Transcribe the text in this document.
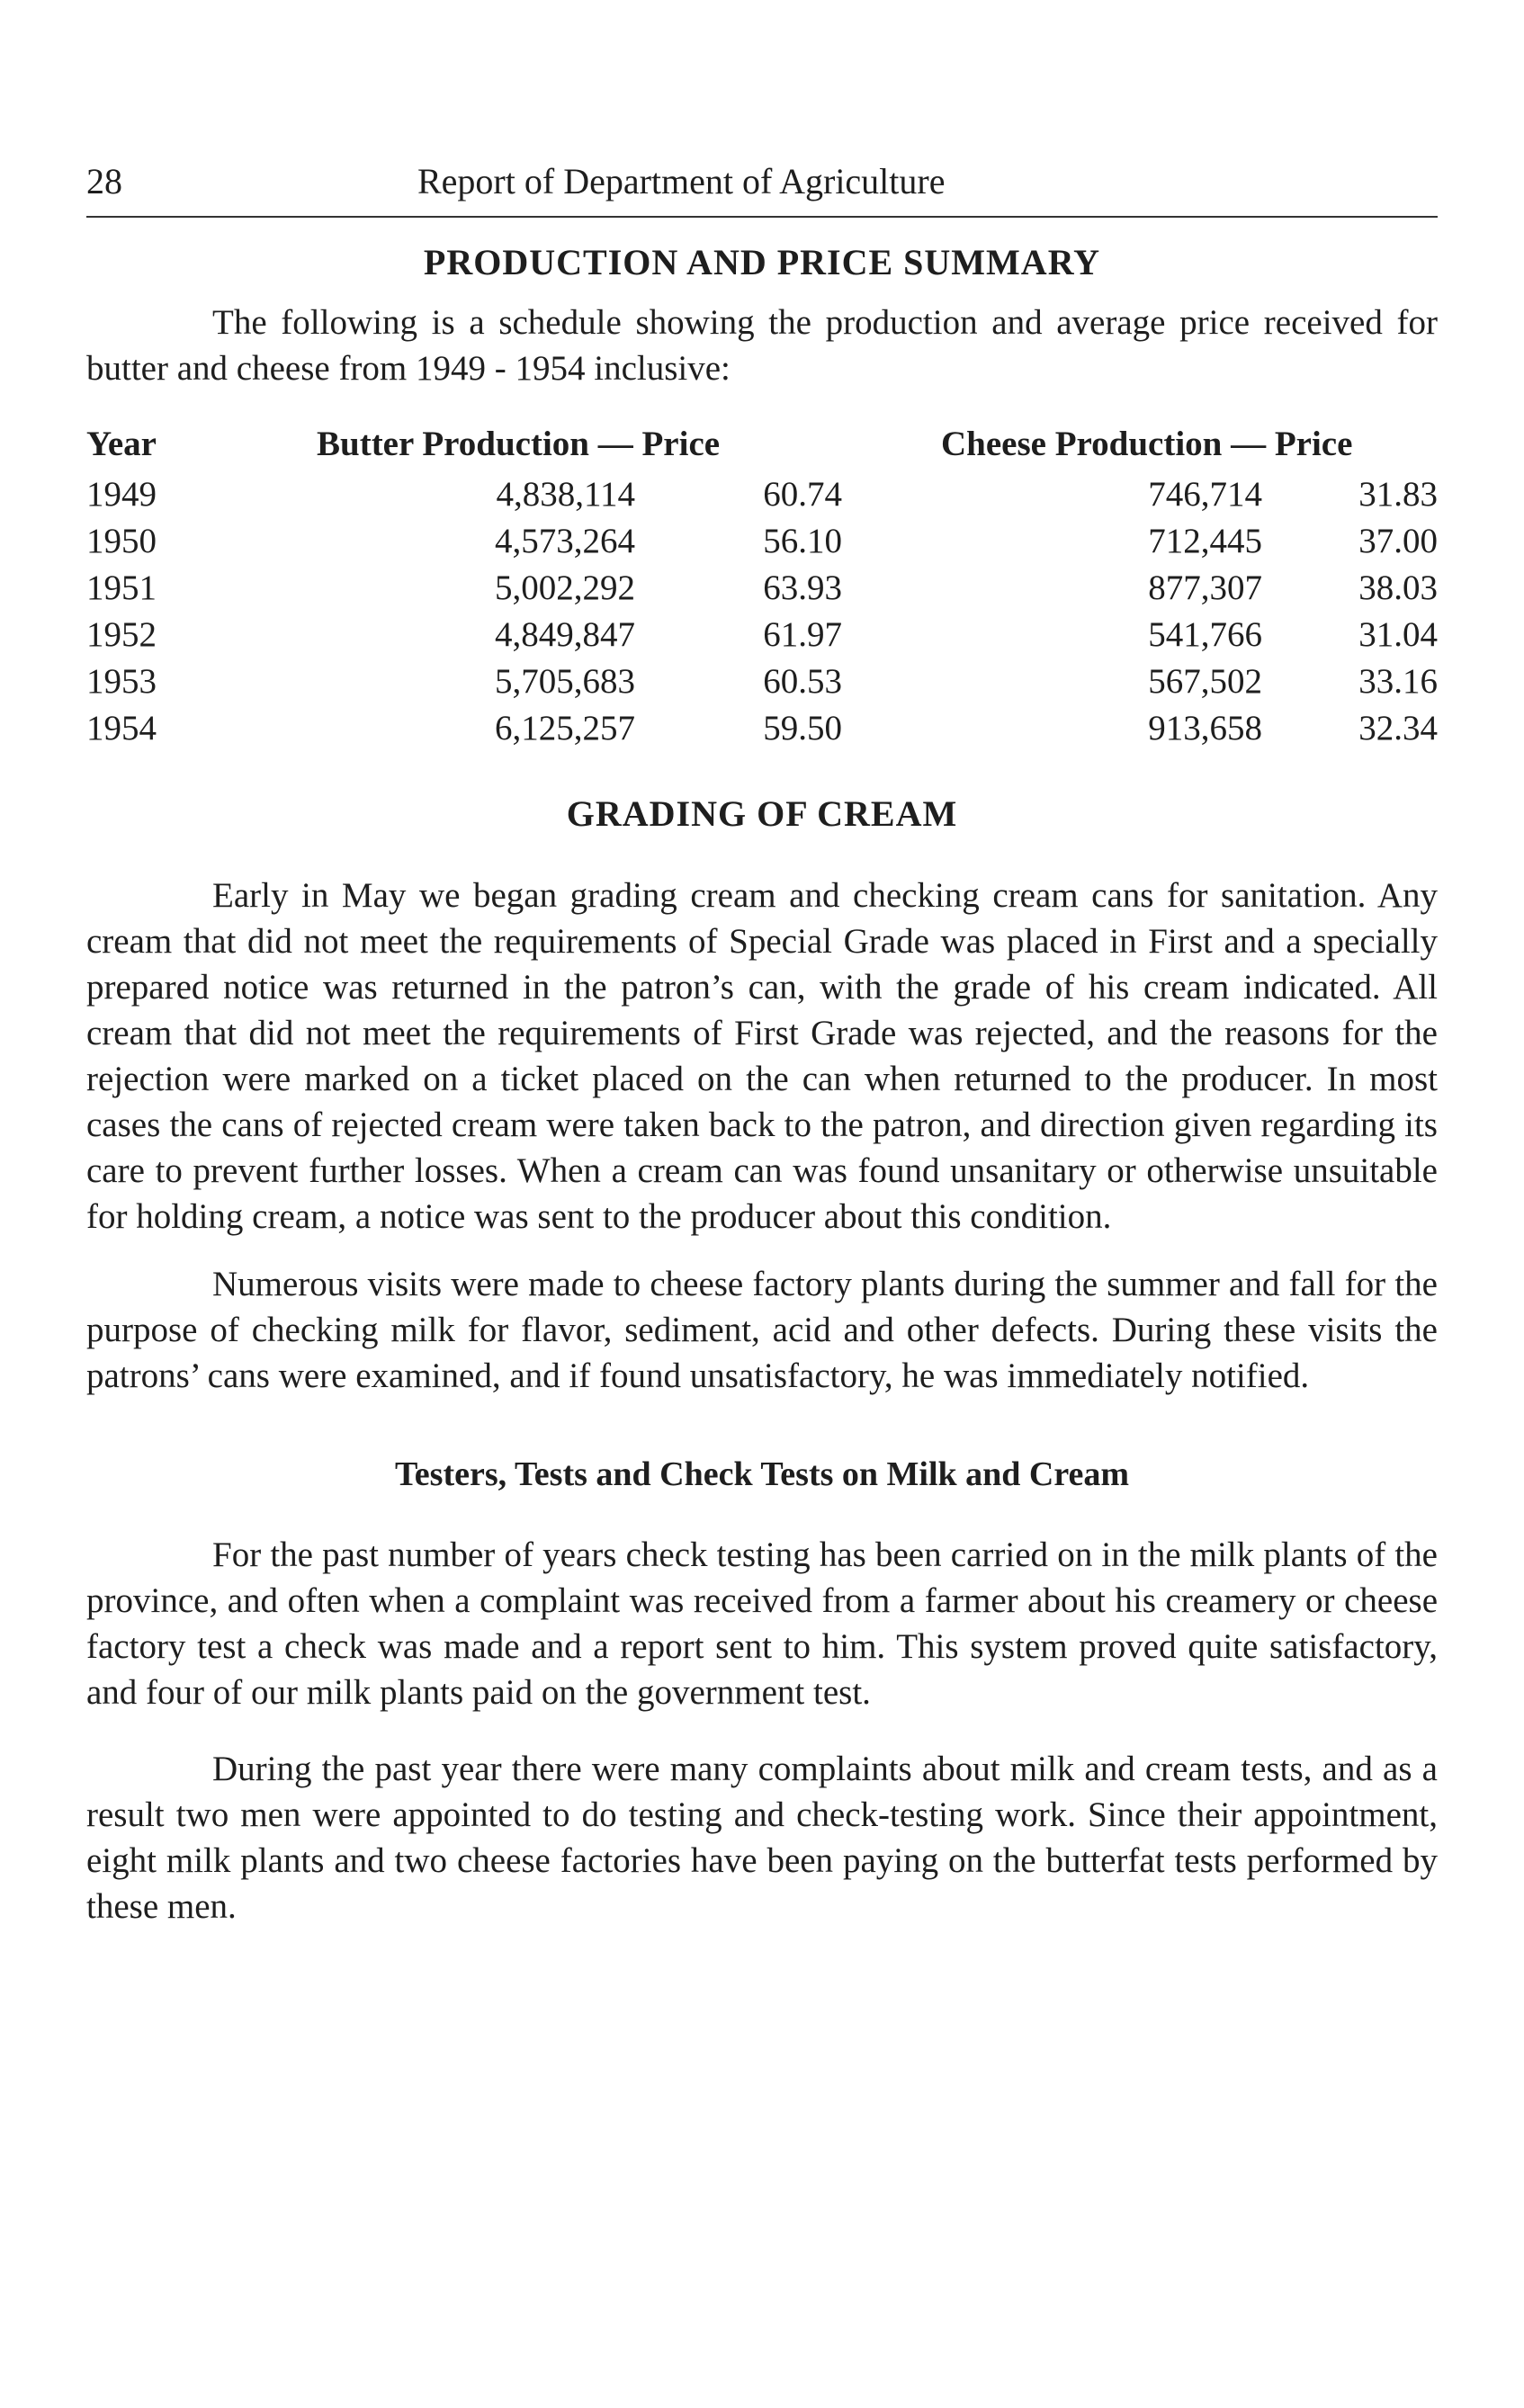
28	Report of Department of Agriculture
PRODUCTION AND PRICE SUMMARY

The following is a schedule showing the production and average price received for butter and cheese from 1949 - 1954 inclusive:

Year	Butter Production — Price	Cheese Production — Price
1949	4,838,114	60.74	746,714	31.83
1950	4,573,264	56.10	712,445	37.00
1951	5,002,292	63.93	877,307	38.03
1952	4,849,847	61.97	541,766	31.04
1953	5,705,683	60.53	567,502	33.16
1954	6,125,257	59.50	913,658	32.34
GRADING OF CREAM

Early in May we began grading cream and checking cream cans for sanitation. Any cream that did not meet the requirements of Special Grade was placed in First and a specially prepared notice was returned in the patron’s can, with the grade of his cream indicated. All cream that did not meet the requirements of First Grade was rejected, and the reasons for the rejection were marked on a ticket placed on the can when returned to the producer. In most cases the cans of rejected cream were taken back to the patron, and direction given regarding its care to prevent further losses. When a cream can was found unsanitary or otherwise unsuitable for holding cream, a notice was sent to the producer about this condition.

Numerous visits were made to cheese factory plants during the summer and fall for the purpose of checking milk for flavor, sediment, acid and other defects. During these visits the patrons’ cans were examined, and if found unsatisfactory, he was immediately notified.

Testers, Tests and Check Tests on Milk and Cream

For the past number of years check testing has been carried on in the milk plants of the province, and often when a complaint was received from a farmer about his creamery or cheese factory test a check was made and a report sent to him. This system proved quite satisfactory, and four of our milk plants paid on the government test.

During the past year there were many complaints about milk and cream tests, and as a result two men were appointed to do testing and check-testing work. Since their appointment, eight milk plants and two cheese factories have been paying on the butterfat tests performed by these men.
